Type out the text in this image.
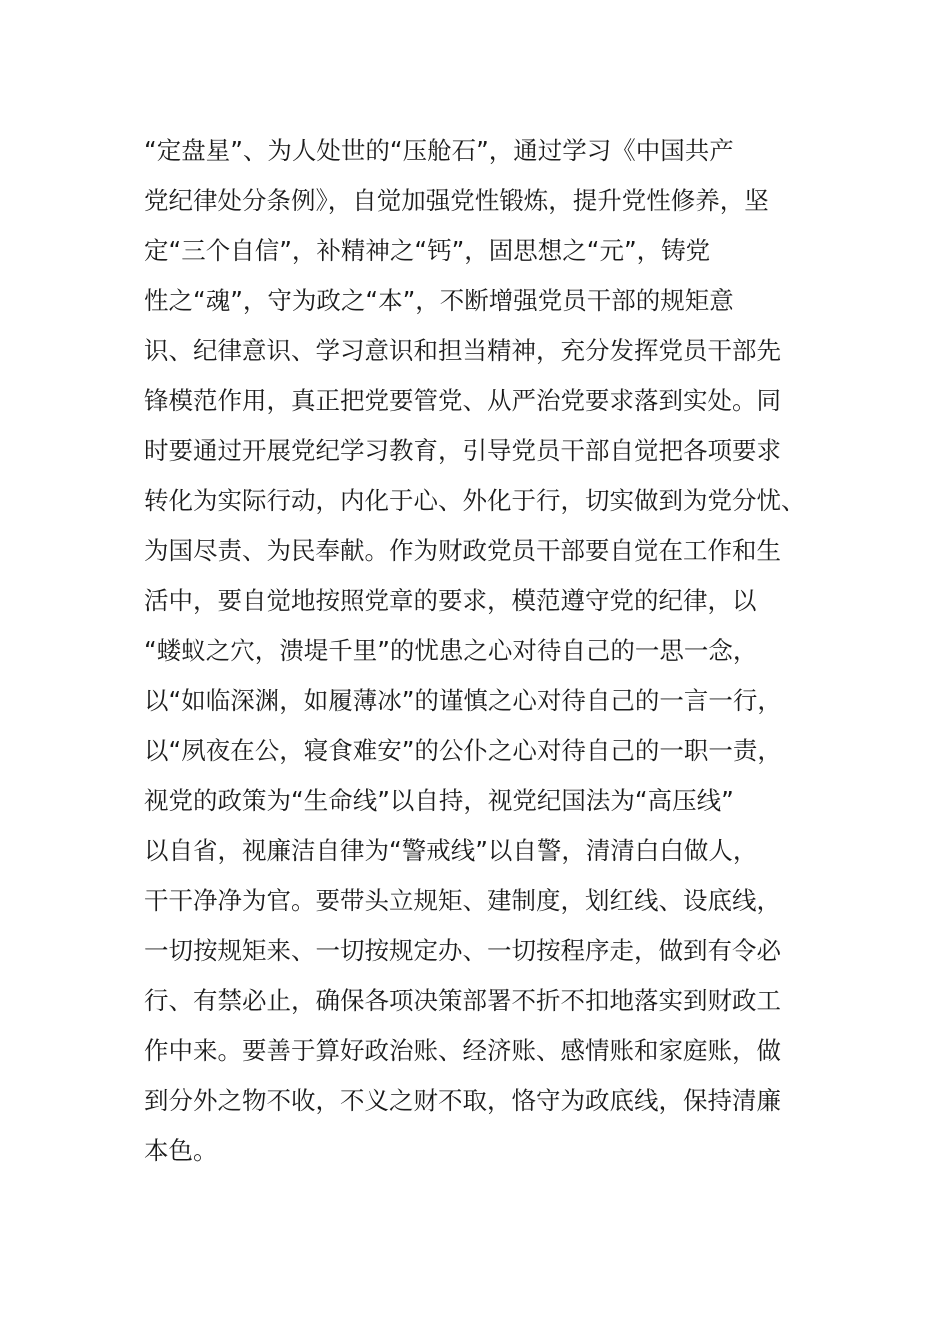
“定盘星”、为人处世的“压舱石”，通过学习《中国共产
党纪律处分条例》，自觉加强党性锻炼，提升党性修养，坚
定“三个自信”，补精神之“钙”，固思想之“元”，铸党
性之“魂”，守为政之“本”，不断增强党员干部的规矩意
识、纪律意识、学习意识和担当精神，充分发挥党员干部先
锋模范作用，真正把党要管党、从严治党要求落到实处。同
时要通过开展党纪学习教育，引导党员干部自觉把各项要求
转化为实际行动，内化于心、外化于行，切实做到为党分忧、
为国尽责、为民奉献。作为财政党员干部要自觉在工作和生
活中，要自觉地按照党章的要求，模范遵守党的纪律，以
“蝼蚁之穴，溃堤千里”的忧患之心对待自己的一思一念，
以“如临深渊，如履薄冰”的谨慎之心对待自己的一言一行，
以“夙夜在公，寝食难安”的公仆之心对待自己的一职一责，
视党的政策为“生命线”以自持，视党纪国法为“高压线”
以自省，视廉洁自律为“警戒线”以自警，清清白白做人，
干干净净为官。要带头立规矩、建制度，划红线、设底线，
一切按规矩来、一切按规定办、一切按程序走，做到有令必
行、有禁必止，确保各项决策部署不折不扣地落实到财政工
作中来。要善于算好政治账、经济账、感情账和家庭账，做
到分外之物不收，不义之财不取，恪守为政底线，保持清廉
本色。
